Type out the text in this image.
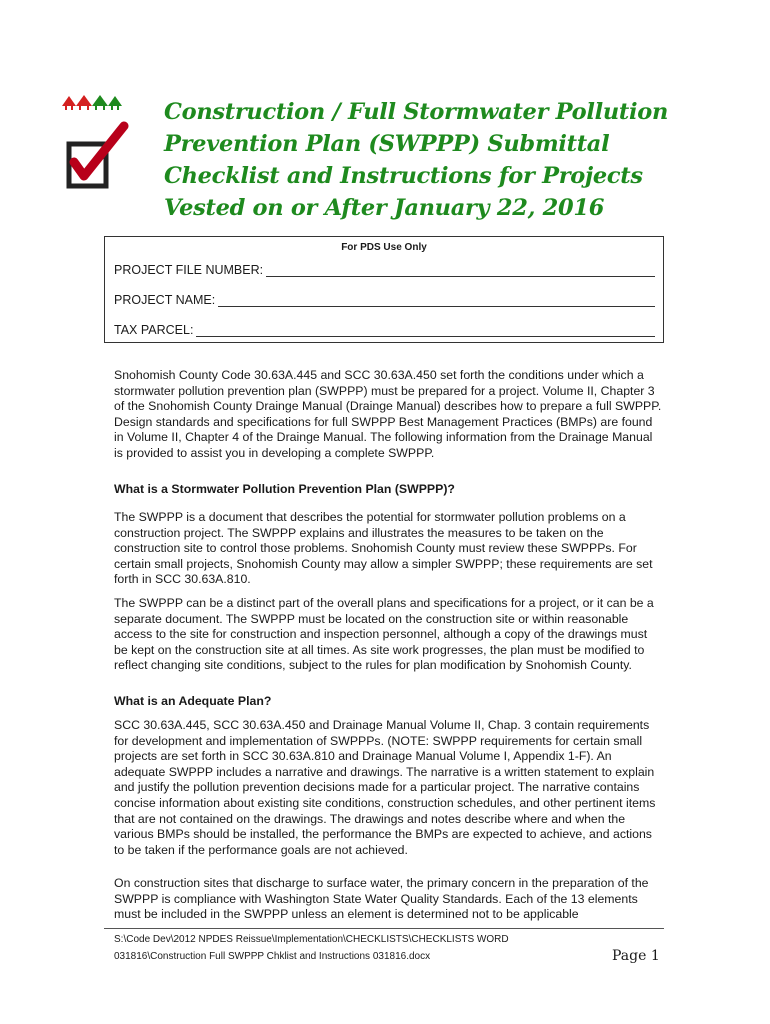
Construction / Full Stormwater Pollution
Prevention Plan (SWPPP) Submittal
Checklist and Instructions for Projects
Vested on or After January 22, 2016
For PDS Use Only
PROJECT FILE NUMBER:
PROJECT NAME:
TAX PARCEL:

Snohomish County Code 30.63A.445 and SCC 30.63A.450 set forth the conditions under which a stormwater pollution prevention plan (SWPPP) must be prepared for a project. Volume II, Chapter 3 of the Snohomish County Drainge Manual (Drainge Manual) describes how to prepare a full SWPPP. Design standards and specifications for full SWPPP Best Management Practices (BMPs) are found in Volume II, Chapter 4 of the Drainge Manual. The following information from the Drainage Manual is provided to assist you in developing a complete SWPPP.

What is a Stormwater Pollution Prevention Plan (SWPPP)?

The SWPPP is a document that describes the potential for stormwater pollution problems on a construction project. The SWPPP explains and illustrates the measures to be taken on the construction site to control those problems. Snohomish County must review these SWPPPs. For certain small projects, Snohomish County may allow a simpler SWPPP; these requirements are set forth in SCC 30.63A.810.

The SWPPP can be a distinct part of the overall plans and specifications for a project, or it can be a separate document. The SWPPP must be located on the construction site or within reasonable access to the site for construction and inspection personnel, although a copy of the drawings must be kept on the construction site at all times. As site work progresses, the plan must be modified to reflect changing site conditions, subject to the rules for plan modification by Snohomish County.

What is an Adequate Plan?

SCC 30.63A.445, SCC 30.63A.450 and Drainage Manual Volume II, Chap. 3 contain requirements for development and implementation of SWPPPs. (NOTE: SWPPP requirements for certain small projects are set forth in SCC 30.63A.810 and Drainage Manual Volume I, Appendix 1-F). An adequate SWPPP includes a narrative and drawings. The narrative is a written statement to explain and justify the pollution prevention decisions made for a particular project. The narrative contains concise information about existing site conditions, construction schedules, and other pertinent items that are not contained on the drawings. The drawings and notes describe where and when the various BMPs should be installed, the performance the BMPs are expected to achieve, and actions to be taken if the performance goals are not achieved.

On construction sites that discharge to surface water, the primary concern in the preparation of the SWPPP is compliance with Washington State Water Quality Standards. Each of the 13 elements must be included in the SWPPP unless an element is determined not to be applicable

S:\Code Dev\2012 NPDES Reissue\Implementation\CHECKLISTS\CHECKLISTS WORD
031816\Construction Full SWPPP Chklist and Instructions 031816.docx	Page 1
